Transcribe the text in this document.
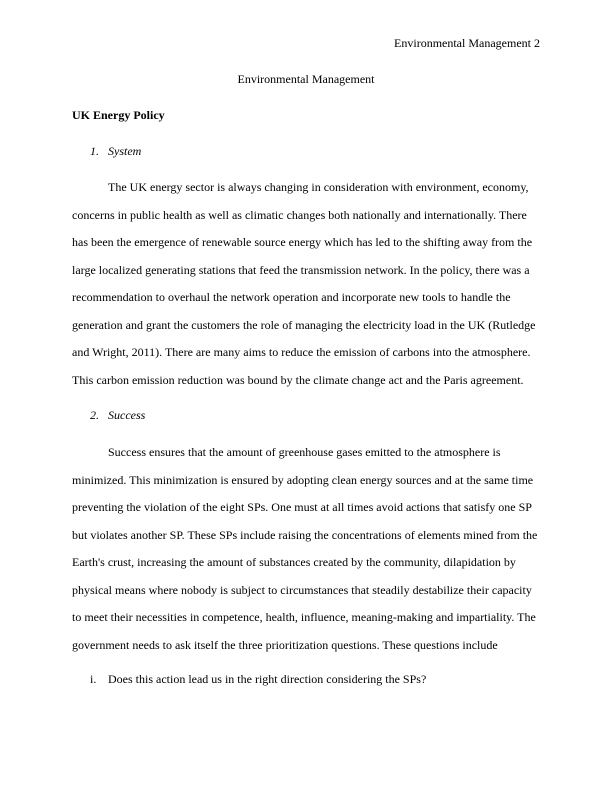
Environmental Management 2
Environmental Management
UK Energy Policy
1. System
The UK energy sector is always changing in consideration with environment, economy,
concerns in public health as well as climatic changes both nationally and internationally. There
has been the emergence of renewable source energy which has led to the shifting away from the
large localized generating stations that feed the transmission network. In the policy, there was a
recommendation to overhaul the network operation and incorporate new tools to handle the
generation and grant the customers the role of managing the electricity load in the UK (Rutledge
and Wright, 2011). There are many aims to reduce the emission of carbons into the atmosphere.
This carbon emission reduction was bound by the climate change act and the Paris agreement.
2. Success
Success ensures that the amount of greenhouse gases emitted to the atmosphere is
minimized. This minimization is ensured by adopting clean energy sources and at the same time
preventing the violation of the eight SPs. One must at all times avoid actions that satisfy one SP
but violates another SP. These SPs include raising the concentrations of elements mined from the
Earth's crust, increasing the amount of substances created by the community, dilapidation by
physical means where nobody is subject to circumstances that steadily destabilize their capacity
to meet their necessities in competence, health, influence, meaning-making and impartiality. The
government needs to ask itself the three prioritization questions. These questions include
i. Does this action lead us in the right direction considering the SPs?
